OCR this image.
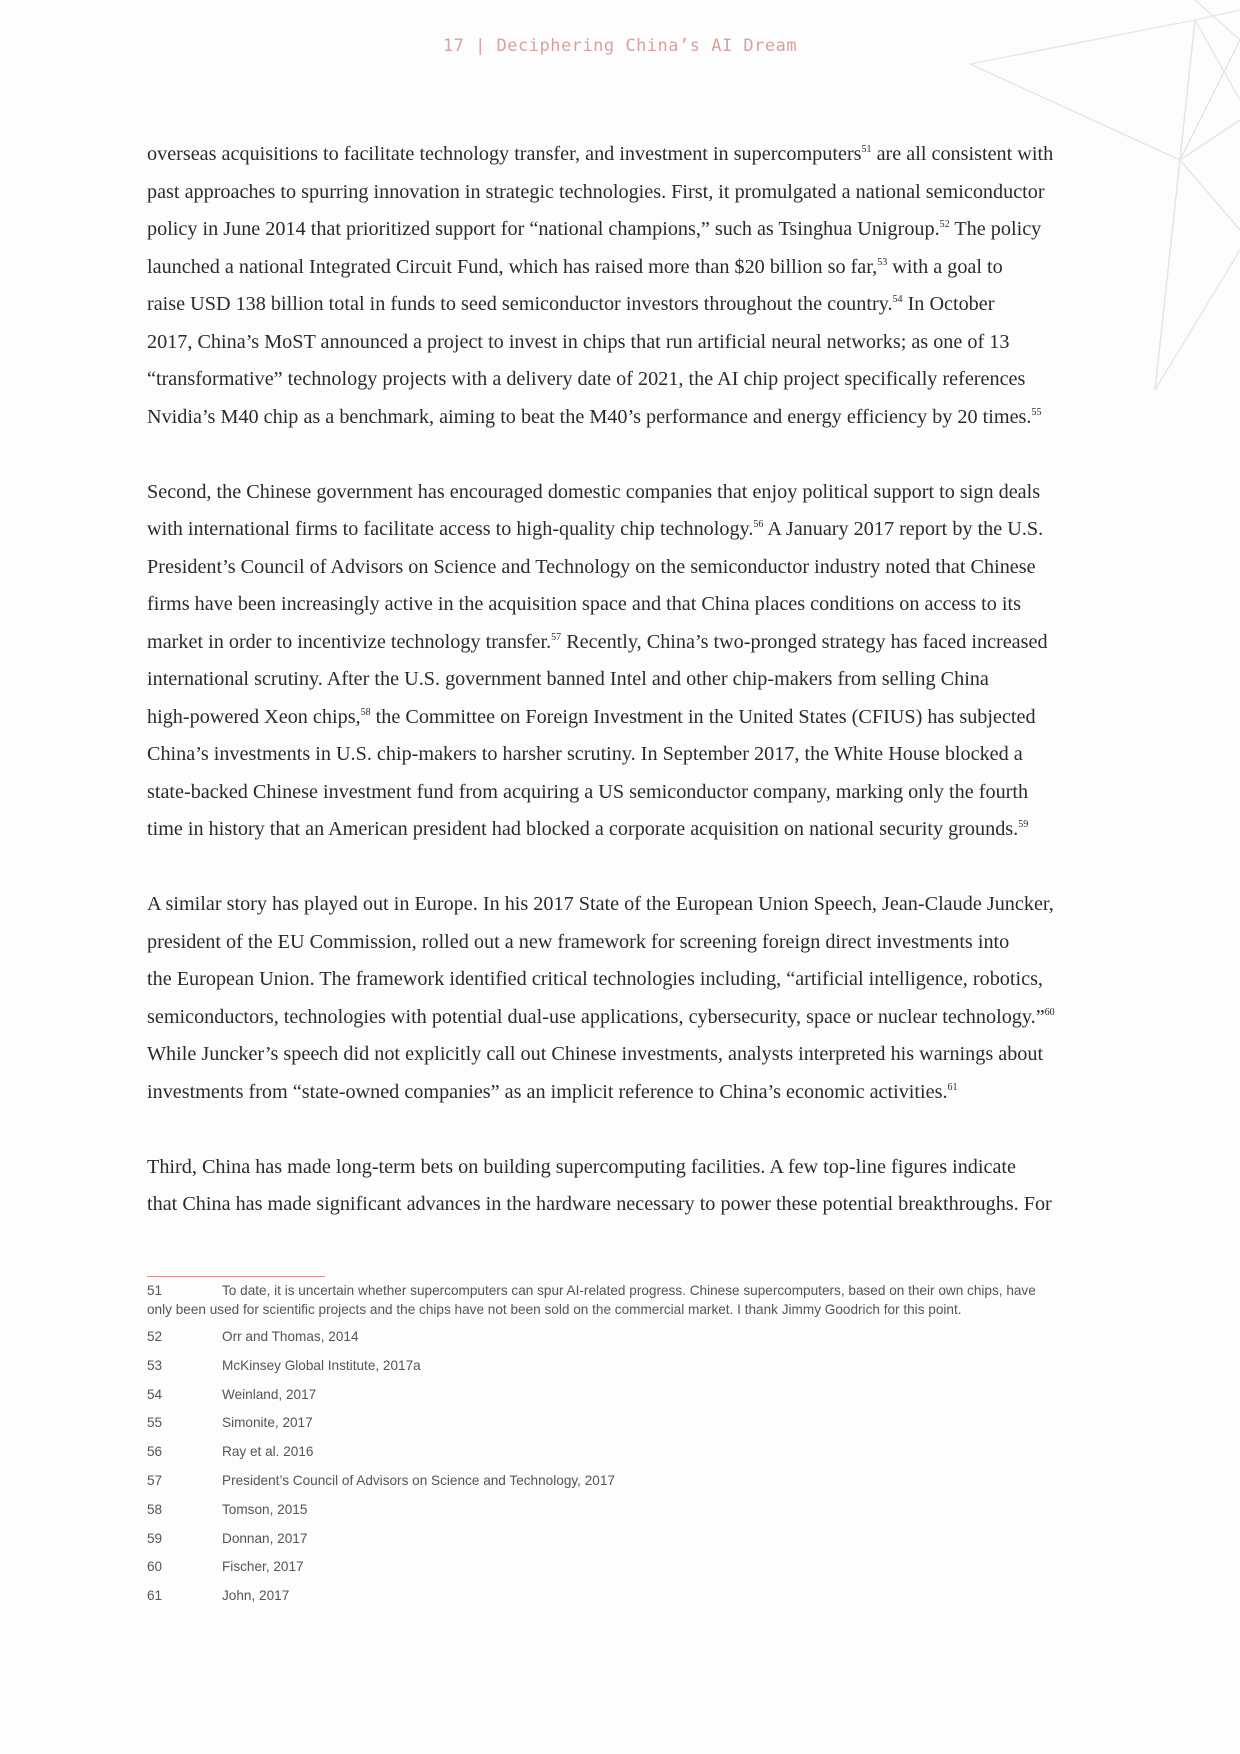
17 | Deciphering China’s AI Dream

overseas acquisitions to facilitate technology transfer, and investment in supercomputers$^{51}$ are all consistent with
past approaches to spurring innovation in strategic technologies. First, it promulgated a national semiconductor
policy in June 2014 that prioritized support for “national champions,” such as Tsinghua Unigroup.$^{52}$ The policy
launched a national Integrated Circuit Fund, which has raised more than $20 billion so far,$^{53}$ with a goal to
raise USD 138 billion total in funds to seed semiconductor investors throughout the country.$^{54}$ In October
2017, China’s MoST announced a project to invest in chips that run artificial neural networks; as one of 13
“transformative” technology projects with a delivery date of 2021, the AI chip project specifically references
Nvidia’s M40 chip as a benchmark, aiming to beat the M40’s performance and energy efficiency by 20 times.$^{55}$

Second, the Chinese government has encouraged domestic companies that enjoy political support to sign deals
with international firms to facilitate access to high-quality chip technology.$^{56}$ A January 2017 report by the U.S.
President’s Council of Advisors on Science and Technology on the semiconductor industry noted that Chinese
firms have been increasingly active in the acquisition space and that China places conditions on access to its
market in order to incentivize technology transfer.$^{57}$ Recently, China’s two-pronged strategy has faced increased
international scrutiny. After the U.S. government banned Intel and other chip-makers from selling China
high-powered Xeon chips,$^{58}$ the Committee on Foreign Investment in the United States (CFIUS) has subjected
China’s investments in U.S. chip-makers to harsher scrutiny. In September 2017, the White House blocked a
state-backed Chinese investment fund from acquiring a US semiconductor company, marking only the fourth
time in history that an American president had blocked a corporate acquisition on national security grounds.$^{59}$

A similar story has played out in Europe. In his 2017 State of the European Union Speech, Jean-Claude Juncker,
president of the EU Commission, rolled out a new framework for screening foreign direct investments into
the European Union. The framework identified critical technologies including, “artificial intelligence, robotics,
semiconductors, technologies with potential dual-use applications, cybersecurity, space or nuclear technology.”$^{60}$
While Juncker’s speech did not explicitly call out Chinese investments, analysts interpreted his warnings about
investments from “state-owned companies” as an implicit reference to China’s economic activities.$^{61}$

Third, China has made long-term bets on building supercomputing facilities. A few top-line figures indicate
that China has made significant advances in the hardware necessary to power these potential breakthroughs. For

51	To date, it is uncertain whether supercomputers can spur AI-related progress. Chinese supercomputers, based on their own chips, have
only been used for scientific projects and the chips have not been sold on the commercial market. I thank Jimmy Goodrich for this point.
52	Orr and Thomas, 2014
53	McKinsey Global Institute, 2017a
54	Weinland, 2017
55	Simonite, 2017
56	Ray et al. 2016
57	President’s Council of Advisors on Science and Technology, 2017
58	Tomson, 2015
59	Donnan, 2017
60	Fischer, 2017
61	John, 2017
